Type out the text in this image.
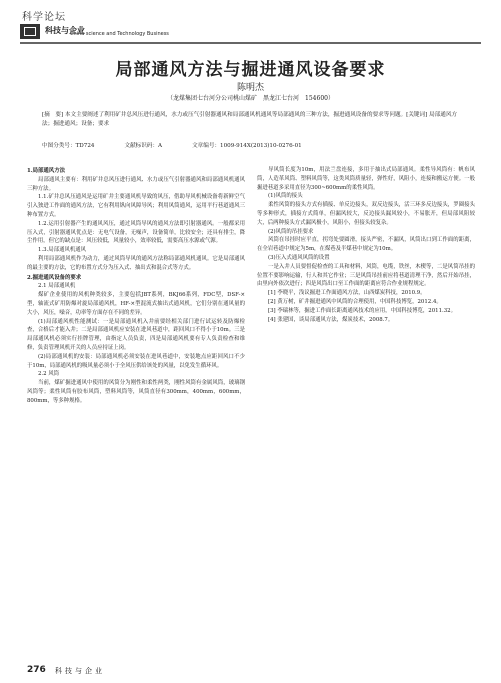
科学论坛
科技与企业
China science and Technology Business
局部通风方法与掘进通风设备要求
陈明杰
（龙煤集团七台河分公司桃山煤矿　黑龙江七台河　154600）
[摘　要] 本文主要阐述了利用矿井总风压进行通风，水力或压气引射器通风和局部通风机通风等局部通风的三种方法，掘进通风设备的要求等问题。[关键词] 局部通风方法；掘进通风；设备；要求
中图分类号：TD724	文献标识码：A	文章编号：1009-914X(2013)10-0276-01

1.局部通风方法

局部通风主要有：利用矿井总风压进行通风、水力或压气引射器通风和局部通风机通风三种方法。

1.1.矿井总风压通风是运用矿井主要通风机导致的风压，借助导风机械设备将新鲜空气引入独进工作面的通风方法，它有利用纵向风障导风；利用风筒通风，运用平行巷道通风三种布置方式。

1.2.运用引射器产生的通风风压，通过风筒导风的通风方法即引射器通风。一般都采用压入式，引射器通风优点是：无电气设备，无噪声，设备简单，比较安全；还具有排尘，降尘作用，但它的缺点是：风压较低，风量较小，效率较低，需要高压水源或气源。

1.3.局部通风机通风

利用局部通风机作为动力，通过风筒导风的通风方法称局部通风机通风。它是局部通风的最主要的方法，它的布置方式分为压入式、抽出式和混合式等方式。

2.掘进通风设备的要求

2.1 局部通风机

煤矿企业使用的风机种类较多，主要包括JBT系列，BKJ66系列，FDC型，DSF-×型，轴流式矿用防爆对旋局部通风机，HF-×型混流式抽出式通风机，它们分别在通风量的大小，风压，噪音，功率等方面存在不同的差异。

(1)局部通风机性能测试：一是局部通风机入井前要经相关部门进行试运转及防爆检查，合格后才能入井；二是局部通风机应安装在进风巷道中，距回风口不得小于10m。三是局部通风机必须实行挂牌管理，由指定人员负责，四是局部通风机要有专人负责检查和维修，负责管理风机开关的人员应持证上岗。

(2)局部通风机的安装：局部通风机必须安装在进风巷道中，安装地点应距回风口不少于10m，局部通风机的吸风量必须小于全风压供给该处的风量，以免发生循环风。

2.2 风筒

当前，煤矿掘进通风中使用的风筒分为刚性和柔性两类，刚性风筒有金属风筒，玻璃钢风筒等；柔性风筒有胶布风筒，塑料风筒等，风筒直径有300mm，400mm，600mm，800mm，等多种规格。

导风筒长度为10m，用法兰盘连接，多用于抽出式局部通风。柔性导风筒有：帆布风筒，人造革风筒、塑料风筒等，这类风筒质量轻，弹性好，风阻小，连接和搬运方便。一般掘进巷道多采用直径为300~600mm的柔性风筒。

(1)风筒的接头

柔性风筒的接头方式有插接、单反边接头，双反边接头，活三环多反边接头，罗圈接头等多种形式，插接方式简单，但漏风较大，反边接头漏风较小，不易胀开，但局部风阻较大，后两种接头方式漏风极小，风阻小，但接头较复杂。

(2)风筒的吊挂要求

风筒在吊挂时应平直，拐弯处要圆滑，接头严密，不漏风，风筒出口到工作面的距离，在全岩巷道中规定为5m，在煤巷及半煤巷中规定为10m。

(3)压入式通风风筒的设置

一是入井人员要督促检查的工具和材料，风筒，电缆，铁丝，木楔等，二是风筒吊挂的位置不要影响运输，行人和其它作业；三是风筒吊挂前应将巷道清理干净，然后开始吊挂，由里向外依次进行；四是风筒出口至工作面的距离应符合作业规程规定。

[1] 李晓平，浅议掘进工作面通风方法，山西煤炭科技，2010.9。

[2] 黄万树，矿井掘进通风中风筒的合理使用，中国科技博览，2012.4。

[3] 李瑞林等，掘进工作面长距离通风技术的应用，中国科技博览，2011.32。

[4] 张建国，谈局部通风方法，煤炭技术，2008.7。

276 科技与企业
